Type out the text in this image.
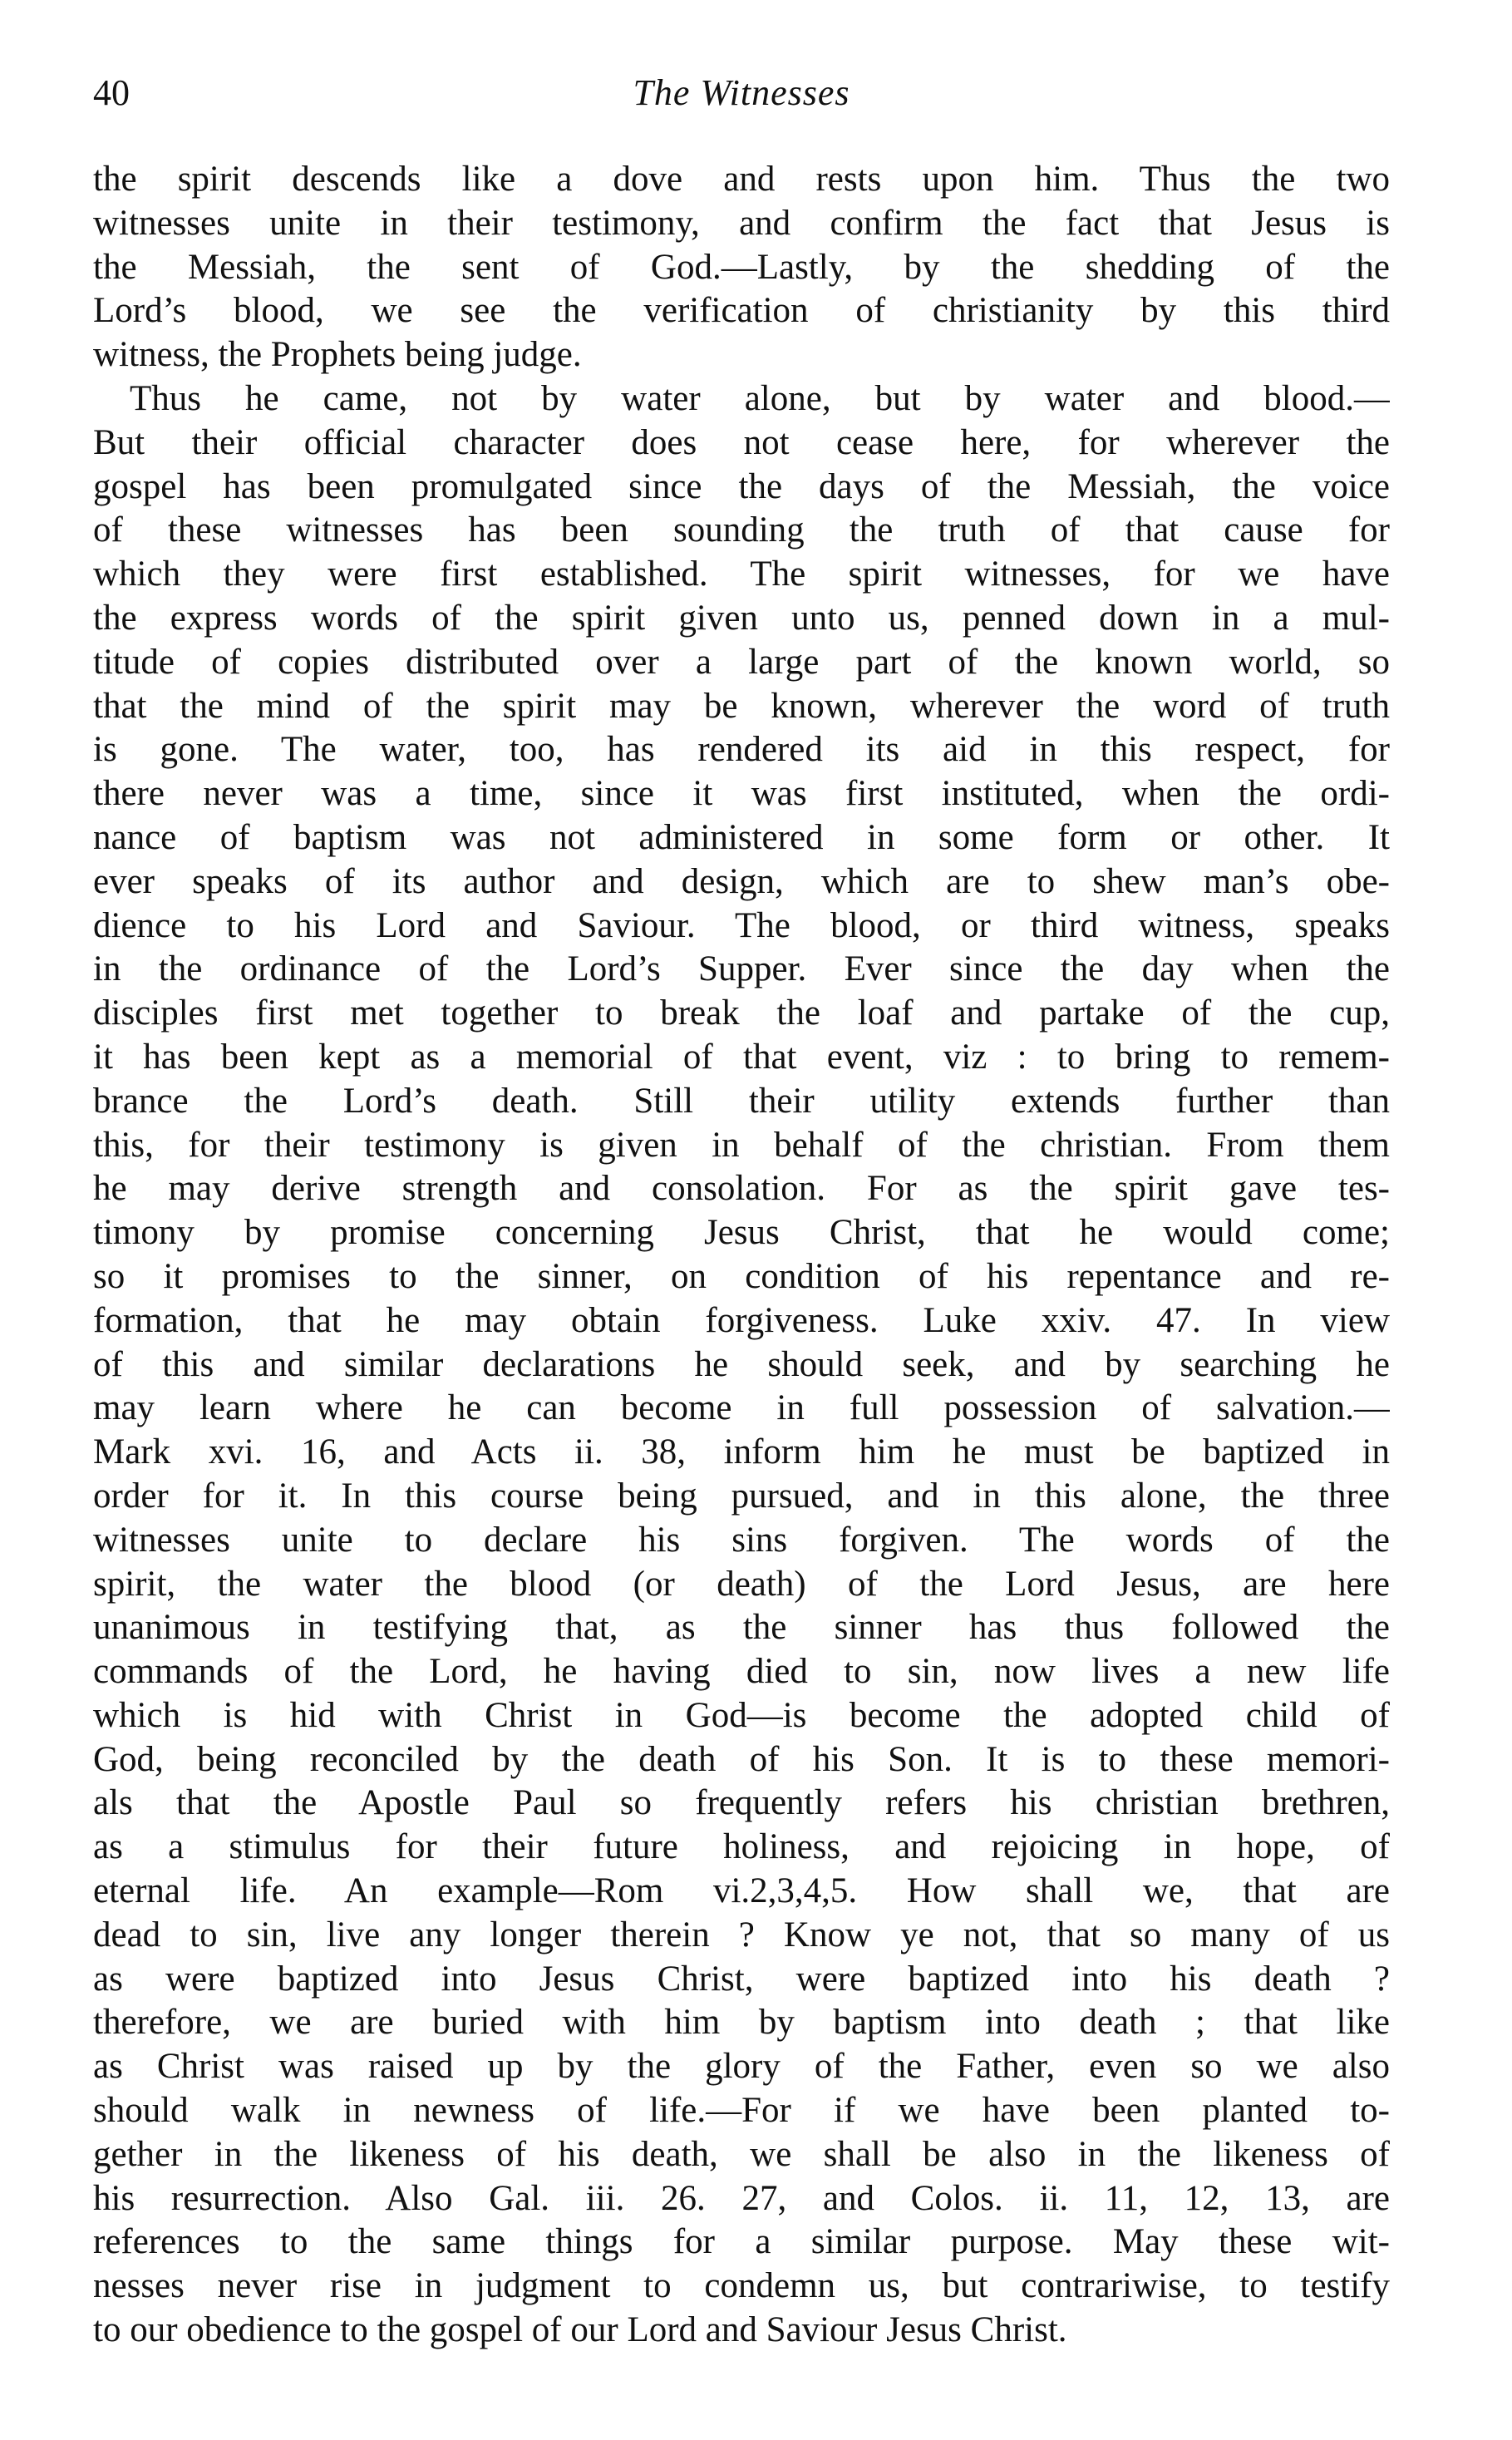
40	The Witnesses
the spirit descends like a dove and rests upon him. Thus the two
witnesses unite in their testimony, and confirm the fact that Jesus is
the Messiah, the sent of God.—Lastly, by the shedding of the
Lord’s blood, we see the verification of christianity by this third
witness, the Prophets being judge.
Thus he came, not by water alone, but by water and blood.—
But their official character does not cease here, for wherever the
gospel has been promulgated since the days of the Messiah, the voice
of these witnesses has been sounding the truth of that cause for
which they were first established. The spirit witnesses, for we have
the express words of the spirit given unto us, penned down in a mul-
titude of copies distributed over a large part of the known world, so
that the mind of the spirit may be known, wherever the word of truth
is gone. The water, too, has rendered its aid in this respect, for
there never was a time, since it was first instituted, when the ordi-
nance of baptism was not administered in some form or other. It
ever speaks of its author and design, which are to shew man’s obe-
dience to his Lord and Saviour. The blood, or third witness, speaks
in the ordinance of the Lord’s Supper. Ever since the day when the
disciples first met together to break the loaf and partake of the cup,
it has been kept as a memorial of that event, viz : to bring to remem-
brance the Lord’s death. Still their utility extends further than
this, for their testimony is given in behalf of the christian. From them
he may derive strength and consolation. For as the spirit gave tes-
timony by promise concerning Jesus Christ, that he would come;
so it promises to the sinner, on condition of his repentance and re-
formation, that he may obtain forgiveness. Luke xxiv. 47. In view
of this and similar declarations he should seek, and by searching he
may learn where he can become in full possession of salvation.—
Mark xvi. 16, and Acts ii. 38, inform him he must be baptized in
order for it. In this course being pursued, and in this alone, the three
witnesses unite to declare his sins forgiven. The words of the
spirit, the water the blood (or death) of the Lord Jesus, are here
unanimous in testifying that, as the sinner has thus followed the
commands of the Lord, he having died to sin, now lives a new life
which is hid with Christ in God—is become the adopted child of
God, being reconciled by the death of his Son. It is to these memori-
als that the Apostle Paul so frequently refers his christian brethren,
as a stimulus for their future holiness, and rejoicing in hope, of
eternal life. An example—Rom vi.2,3,4,5. How shall we, that are
dead to sin, live any longer therein ? Know ye not, that so many of us
as were baptized into Jesus Christ, were baptized into his death ?
therefore, we are buried with him by baptism into death ; that like
as Christ was raised up by the glory of the Father, even so we also
should walk in newness of life.—For if we have been planted to-
gether in the likeness of his death, we shall be also in the likeness of
his resurrection. Also Gal. iii. 26. 27, and Colos. ii. 11, 12, 13, are
references to the same things for a similar purpose. May these wit-
nesses never rise in judgment to condemn us, but contrariwise, to testify
to our obedience to the gospel of our Lord and Saviour Jesus Christ.
